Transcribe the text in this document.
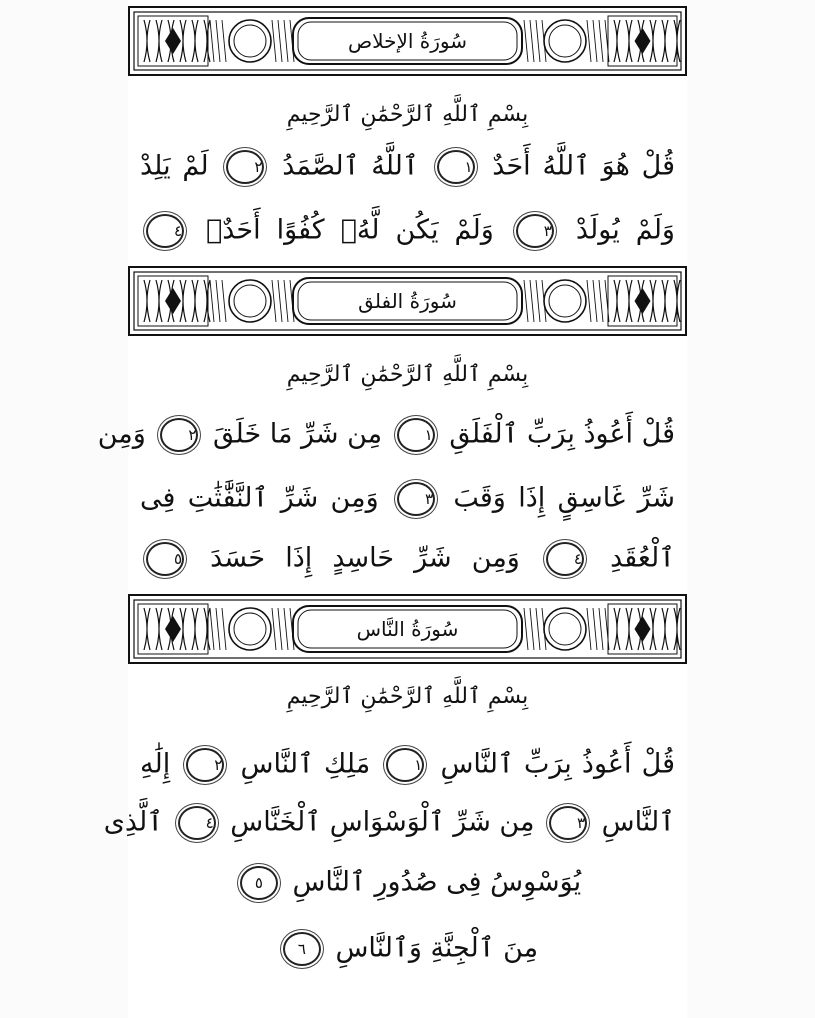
سُورَةُ الإخلاص
بِسْمِ ٱللَّهِ ٱلرَّحْمَٰنِ ٱلرَّحِيمِ
قُلْ هُوَ ٱللَّهُ أَحَدٌ ١ ٱللَّهُ ٱلصَّمَدُ ٢ لَمْ يَلِدْ
وَلَمْ يُولَدْ ٣ وَلَمْ يَكُن لَّهُۥ كُفُوًا أَحَدٌۢ ٤
سُورَةُ الفلق
بِسْمِ ٱللَّهِ ٱلرَّحْمَٰنِ ٱلرَّحِيمِ
قُلْ أَعُوذُ بِرَبِّ ٱلْفَلَقِ ١ مِن شَرِّ مَا خَلَقَ ٢ وَمِن
شَرِّ غَاسِقٍ إِذَا وَقَبَ ٣ وَمِن شَرِّ ٱلنَّفَّٰثَٰتِ فِى
ٱلْعُقَدِ ٤ وَمِن شَرِّ حَاسِدٍ إِذَا حَسَدَ ٥
سُورَةُ النَّاس
بِسْمِ ٱللَّهِ ٱلرَّحْمَٰنِ ٱلرَّحِيمِ
قُلْ أَعُوذُ بِرَبِّ ٱلنَّاسِ ١ مَلِكِ ٱلنَّاسِ ٢ إِلَٰهِ
ٱلنَّاسِ ٣ مِن شَرِّ ٱلْوَسْوَاسِ ٱلْخَنَّاسِ ٤ ٱلَّذِى
يُوَسْوِسُ فِى صُدُورِ ٱلنَّاسِ ٥
مِنَ ٱلْجِنَّةِ وَٱلنَّاسِ ٦
